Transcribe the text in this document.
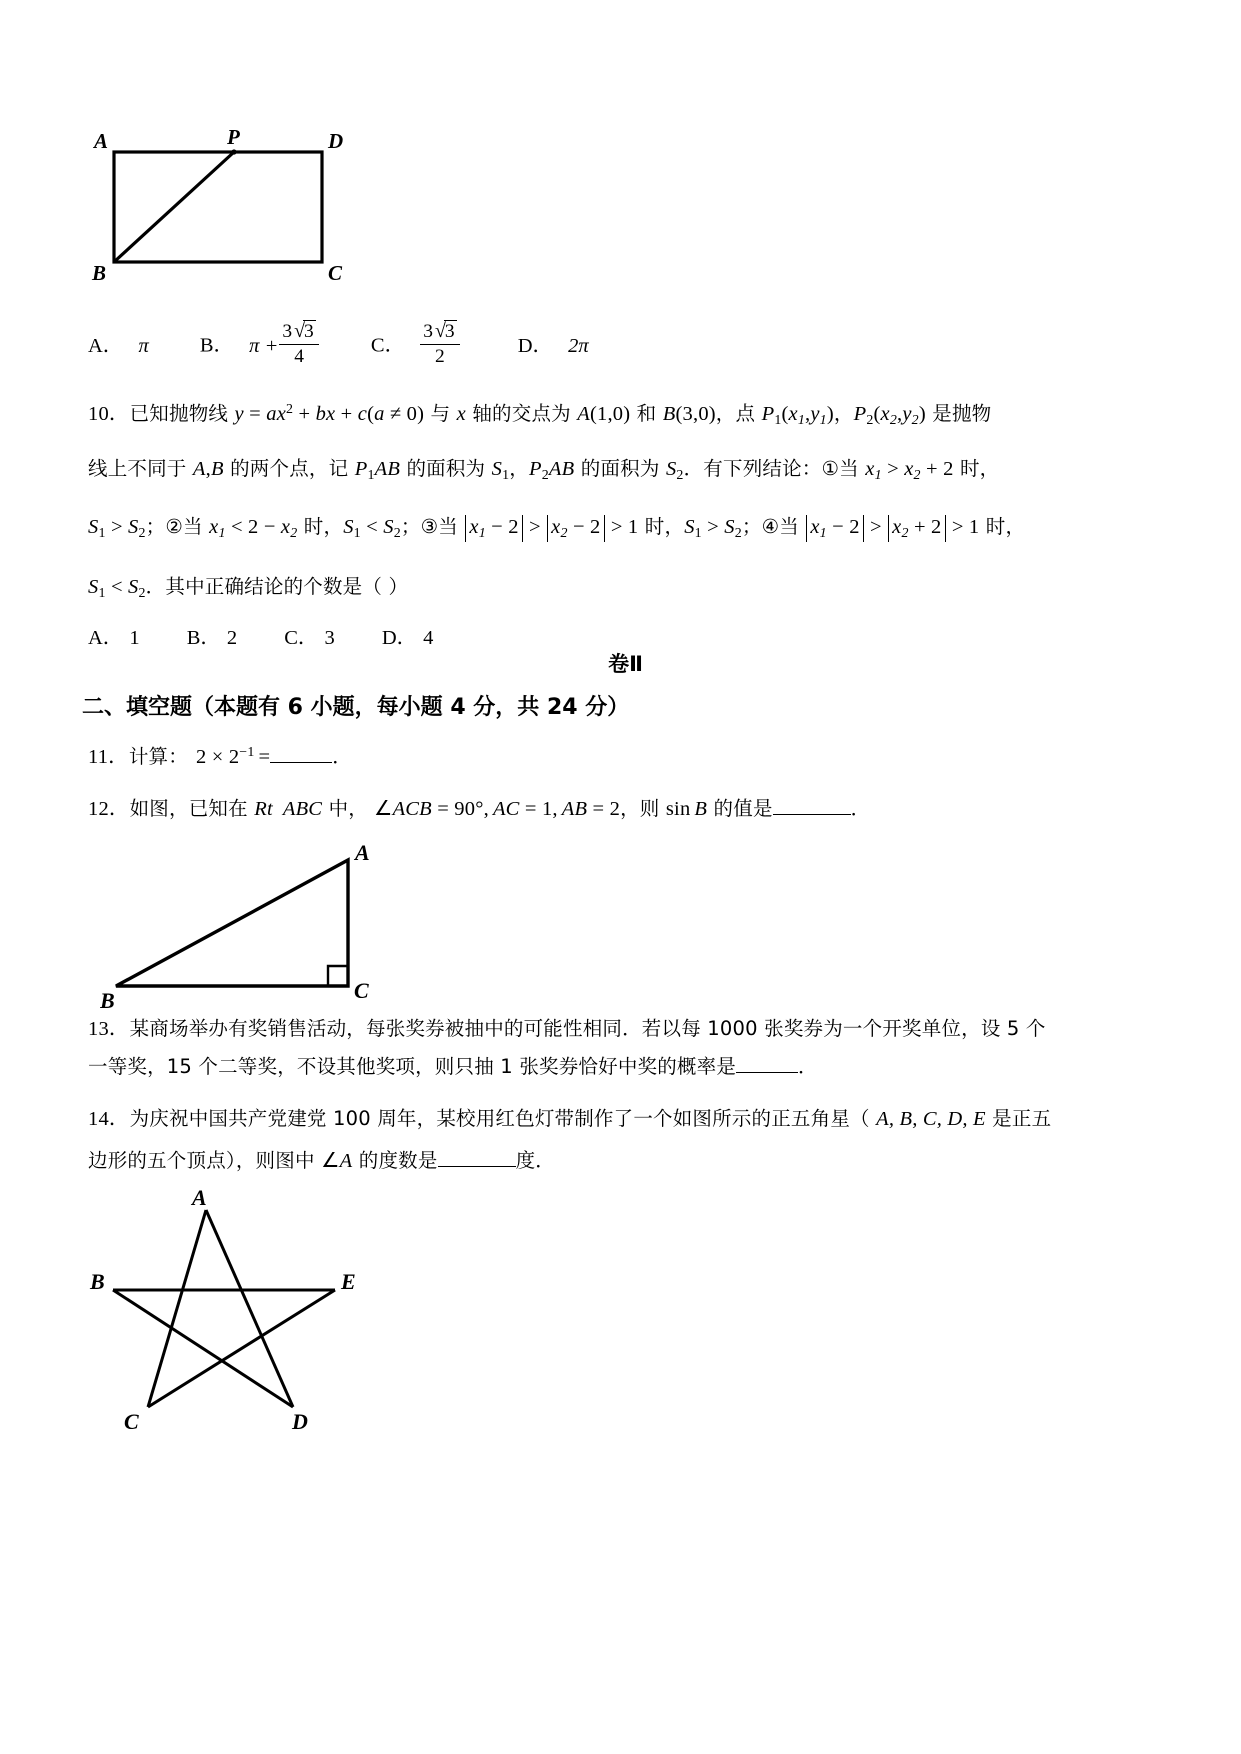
A	P	D
B	C
A． π B． $\pi + \frac{3 √3}{4}$	C． $\frac{3 √3}{2}$	D． 2π
10．已知抛物线 $y = ax^2$ + bx + c(a ≠ 0) 与 x 轴的交点为 A(1,0) 和 B(3,0)，点 $P1(x_1,y_1)$，$P2(x_2,y_2)$ 是抛物
线上不同于 A,B 的两个点，记 P1AB 的面积为 S1，P2AB 的面积为 S2．有下列结论：①当 $x_1 > x_2 + 2$ 时，
S1 > S2；②当 $x_1 < 2 - x_2$ 时，S1 < S2；③当 $x_1 - 2 > x_2 - 2 > 1$ 时，S1 > S2；④当 $x_1 - 2 > x_2 + 2 > 1$ 时，
S1 < S2．其中正确结论的个数是（ ）
A． 1 B． 2 C． 3 D． 4
卷Ⅱ
二、填空题（本题有 6 小题，每小题 4 分，共 24 分）
11．计算： $2 \times 2^{-1}$ =	．
12．如图，已知在 Rt ABC 中， ∠ACB = 90°, AC = 1, AB = 2，则 sin B 的值是	．
A
B	C
13．某商场举办有奖销售活动，每张奖券被抽中的可能性相同．若以每 1000 张奖券为一个开奖单位，设 5 个
一等奖，15 个二等奖，不设其他奖项，则只抽 1 张奖券恰好中奖的概率是	．
14．为庆祝中国共产党建党 100 周年，某校用红色灯带制作了一个如图所示的正五角星（ A, B, C, D, E 是正五
边形的五个顶点），则图中 ∠A 的度数是	度．
A
B	E
C	D
